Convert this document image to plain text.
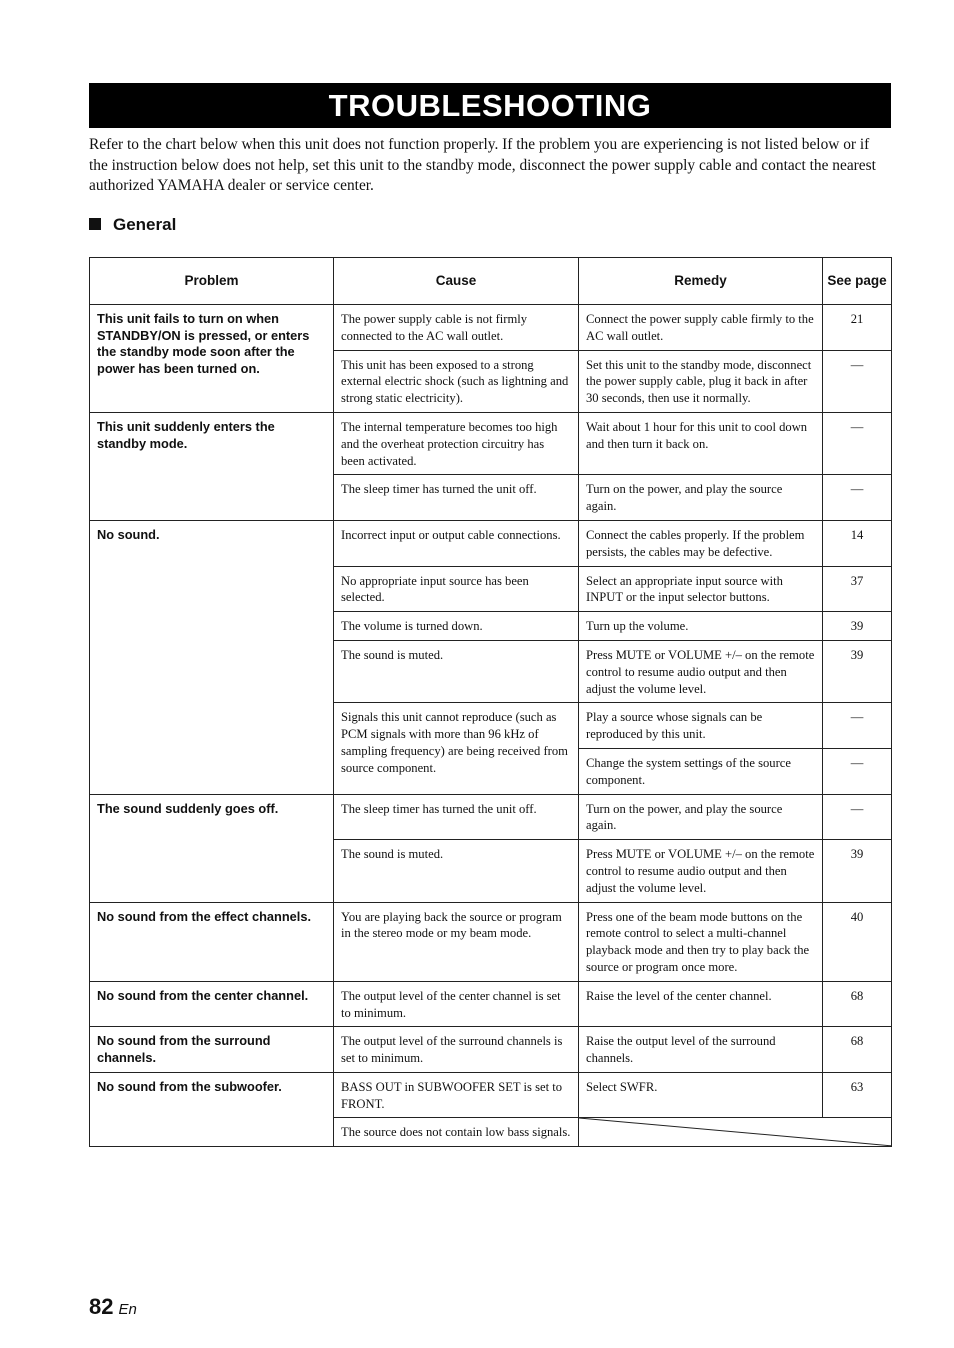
TROUBLESHOOTING

Refer to the chart below when this unit does not function properly. If the problem you are experiencing is not listed below or if the instruction below does not help, set this unit to the standby mode, disconnect the power supply cable and contact the nearest authorized YAMAHA dealer or service center.

General
Problem	Cause	Remedy	See page
This unit fails to turn on when STANDBY/ON is pressed, or enters the standby mode soon after the power has been turned on.	The power supply cable is not firmly connected to the AC wall outlet.	Connect the power supply cable firmly to the AC wall outlet.	21
	This unit has been exposed to a strong external electric shock (such as lightning and strong static electricity).	Set this unit to the standby mode, disconnect the power supply cable, plug it back in after 30 seconds, then use it normally.	—
This unit suddenly enters the standby mode.	The internal temperature becomes too high and the overheat protection circuitry has been activated.	Wait about 1 hour for this unit to cool down and then turn it back on.	—
	The sleep timer has turned the unit off.	Turn on the power, and play the source again.	—
No sound.	Incorrect input or output cable connections.	Connect the cables properly. If the problem persists, the cables may be defective.	14
	No appropriate input source has been selected.	Select an appropriate input source with INPUT or the input selector buttons.	37
	The volume is turned down.	Turn up the volume.	39
	The sound is muted.	Press MUTE or VOLUME +/– on the remote control to resume audio output and then adjust the volume level.	39
	Signals this unit cannot reproduce (such as PCM signals with more than 96 kHz of sampling frequency) are being received from source component.	Play a source whose signals can be reproduced by this unit.	—
		Change the system settings of the source component.	—
The sound suddenly goes off.	The sleep timer has turned the unit off.	Turn on the power, and play the source again.	—
	The sound is muted.	Press MUTE or VOLUME +/– on the remote control to resume audio output and then adjust the volume level.	39
No sound from the effect channels.	You are playing back the source or program in the stereo mode or my beam mode.	Press one of the beam mode buttons on the remote control to select a multi-channel playback mode and then try to play back the source or program once more.	40
No sound from the center channel.	The output level of the center channel is set to minimum.	Raise the level of the center channel.	68
No sound from the surround channels.	The output level of the surround channels is set to minimum.	Raise the output level of the surround channels.	68
No sound from the subwoofer.	BASS OUT in SUBWOOFER SET is set to FRONT.	Select SWFR.	63
	The source does not contain low bass signals.	
82 En
